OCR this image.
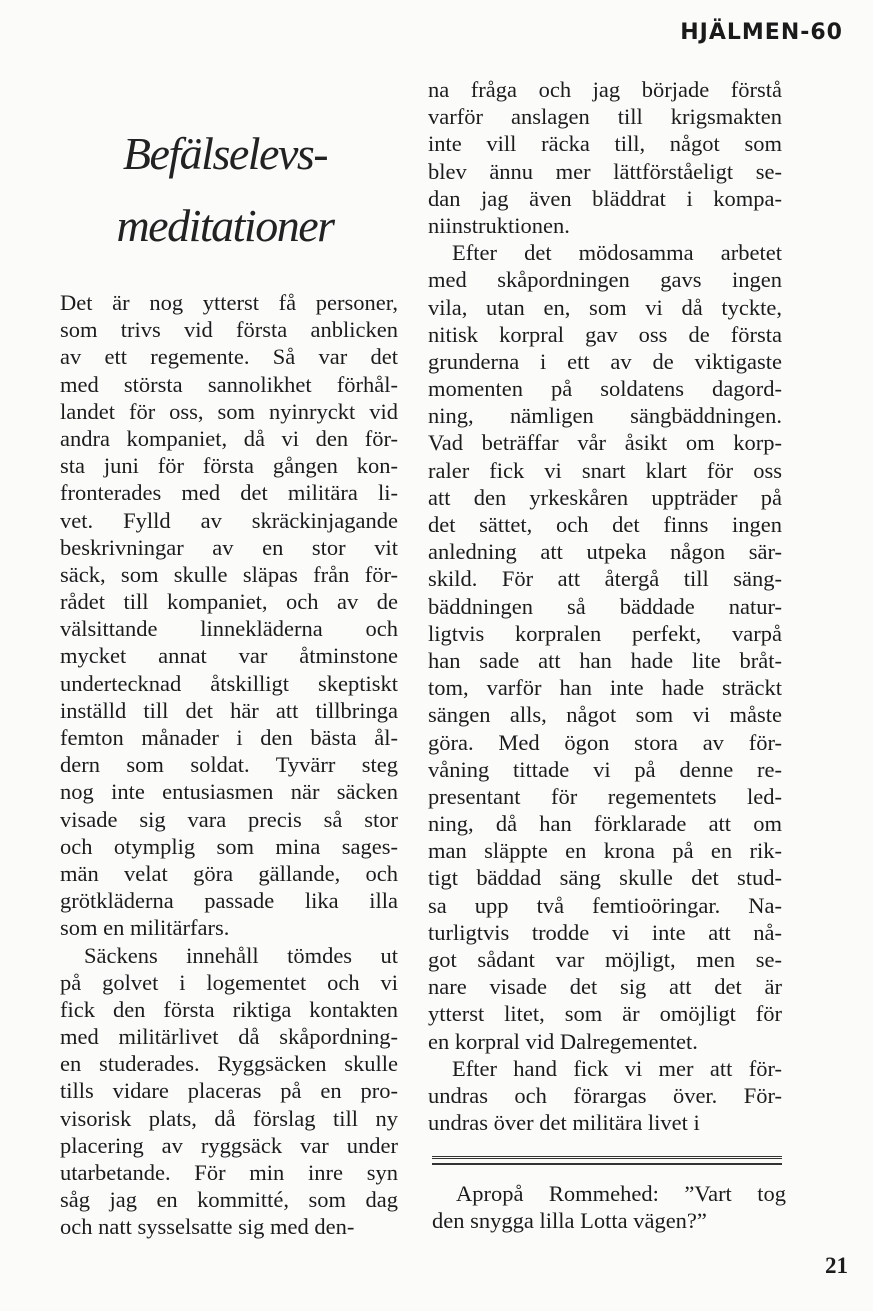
HJÄLMEN-60
Befälselevs-
meditationer
Det är nog ytterst få personer,
som trivs vid första anblicken
av ett regemente. Så var det
med största sannolikhet förhål-
landet för oss, som nyinryckt vid
andra kompaniet, då vi den för-
sta juni för första gången kon-
fronterades med det militära li-
vet. Fylld av skräckinjagande
beskrivningar av en stor vit
säck, som skulle släpas från för-
rådet till kompaniet, och av de
välsittande linnekläderna och
mycket annat var åtminstone
undertecknad åtskilligt skeptiskt
inställd till det här att tillbringa
femton månader i den bästa ål-
dern som soldat. Tyvärr steg
nog inte entusiasmen när säcken
visade sig vara precis så stor
och otymplig som mina sages-
män velat göra gällande, och
grötkläderna passade lika illa
som en militärfars.
Säckens innehåll tömdes ut
på golvet i logementet och vi
fick den första riktiga kontakten
med militärlivet då skåpordning-
en studerades. Ryggsäcken skulle
tills vidare placeras på en pro-
visorisk plats, då förslag till ny
placering av ryggsäck var under
utarbetande. För min inre syn
såg jag en kommitté, som dag
och natt sysselsatte sig med den-
na fråga och jag började förstå
varför anslagen till krigsmakten
inte vill räcka till, något som
blev ännu mer lättförståeligt se-
dan jag även bläddrat i kompa-
niinstruktionen.
Efter det mödosamma arbetet
med skåpordningen gavs ingen
vila, utan en, som vi då tyckte,
nitisk korpral gav oss de första
grunderna i ett av de viktigaste
momenten på soldatens dagord-
ning, nämligen sängbäddningen.
Vad beträffar vår åsikt om korp-
raler fick vi snart klart för oss
att den yrkeskåren uppträder på
det sättet, och det finns ingen
anledning att utpeka någon sär-
skild. För att återgå till säng-
bäddningen så bäddade natur-
ligtvis korpralen perfekt, varpå
han sade att han hade lite bråt-
tom, varför han inte hade sträckt
sängen alls, något som vi måste
göra. Med ögon stora av för-
våning tittade vi på denne re-
presentant för regementets led-
ning, då han förklarade att om
man släppte en krona på en rik-
tigt bäddad säng skulle det stud-
sa upp två femtioöringar. Na-
turligtvis trodde vi inte att nå-
got sådant var möjligt, men se-
nare visade det sig att det är
ytterst litet, som är omöjligt för
en korpral vid Dalregementet.
Efter hand fick vi mer att för-
undras och förargas över. För-
undras över det militära livet i
Apropå Rommehed: ”Vart tog
den snygga lilla Lotta vägen?”
21
